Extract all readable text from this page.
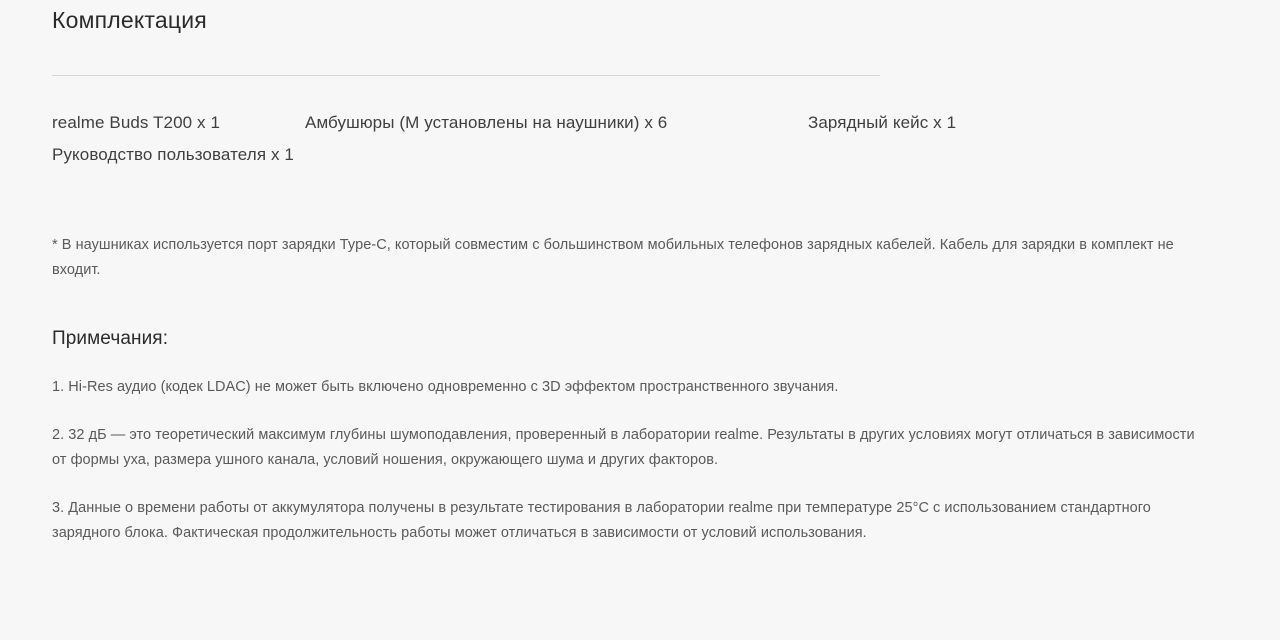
Комплектация
realme Buds T200 x 1	Амбушюры (М установлены на наушники) x 6	Зарядный кейс x 1
Руководство пользователя x 1

* В наушниках используется порт зарядки Type-C, который совместим с большинством мобильных телефонов зарядных кабелей. Кабель для зарядки в комплект не входит.

Примечания:

1. Hi-Res аудио (кодек LDAC) не может быть включено одновременно с 3D эффектом пространственного звучания.

2. 32 дБ — это теоретический максимум глубины шумоподавления, проверенный в лаборатории realme. Результаты в других условиях могут отличаться в зависимости от формы уха, размера ушного канала, условий ношения, окружающего шума и других факторов.

3. Данные о времени работы от аккумулятора получены в результате тестирования в лаборатории realme при температуре 25°C с использованием стандартного зарядного блока. Фактическая продолжительность работы может отличаться в зависимости от условий использования.
